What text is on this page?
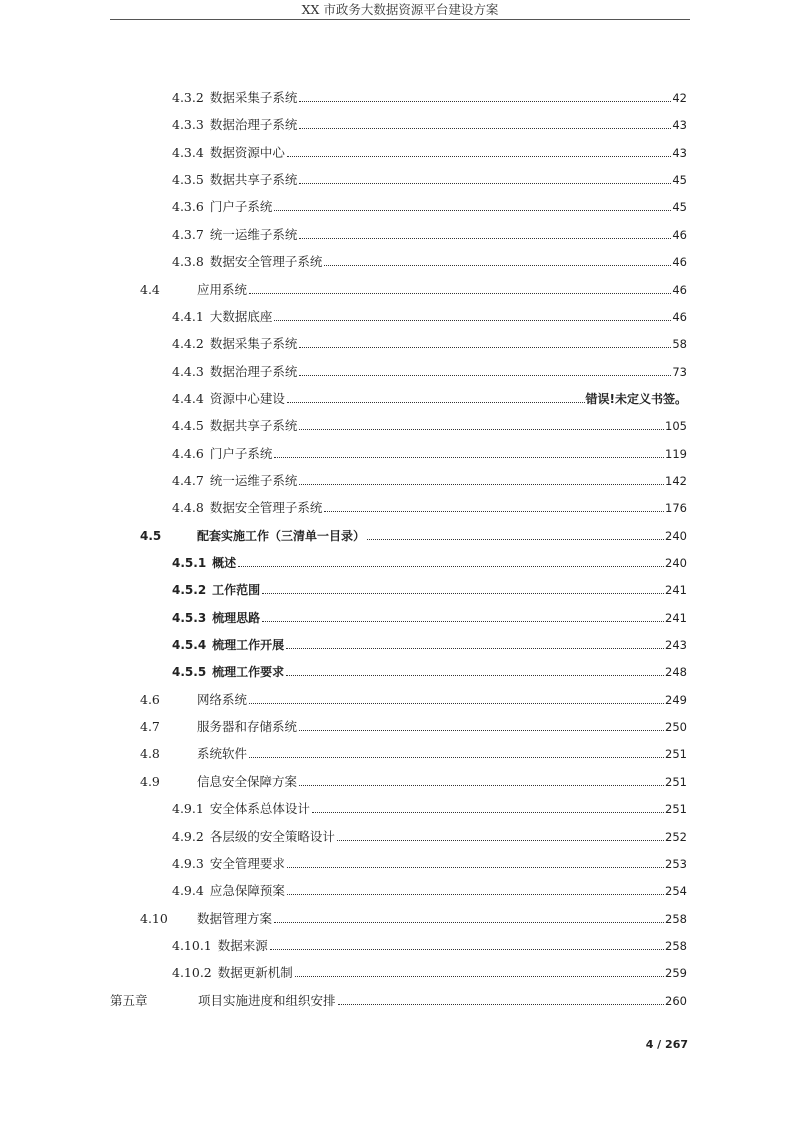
XX 市政务大数据资源平台建设方案
4.3.2 数据采集子系统	42
4.3.3 数据治理子系统	43
4.3.4 数据资源中心	43
4.3.5 数据共享子系统	45
4.3.6 门户子系统	45
4.3.7 统一运维子系统	46
4.3.8 数据安全管理子系统	46
4.4	应用系统	46
4.4.1 大数据底座	46
4.4.2 数据采集子系统	58
4.4.3 数据治理子系统	73
4.4.4 资源中心建设	错误!未定义书签。
4.4.5 数据共享子系统	105
4.4.6 门户子系统	119
4.4.7 统一运维子系统	142
4.4.8 数据安全管理子系统	176
4.5	配套实施工作（三清单一目录）	240
4.5.1 概述	240
4.5.2 工作范围	241
4.5.3 梳理思路	241
4.5.4 梳理工作开展	243
4.5.5 梳理工作要求	248
4.6	网络系统	249
4.7	服务器和存储系统	250
4.8	系统软件	251
4.9	信息安全保障方案	251
4.9.1 安全体系总体设计	251
4.9.2 各层级的安全策略设计	252
4.9.3 安全管理要求	253
4.9.4 应急保障预案	254
4.10	数据管理方案	258
4.10.1 数据来源	258
4.10.2 数据更新机制	259
第五章	项目实施进度和组织安排	260
4 / 267
